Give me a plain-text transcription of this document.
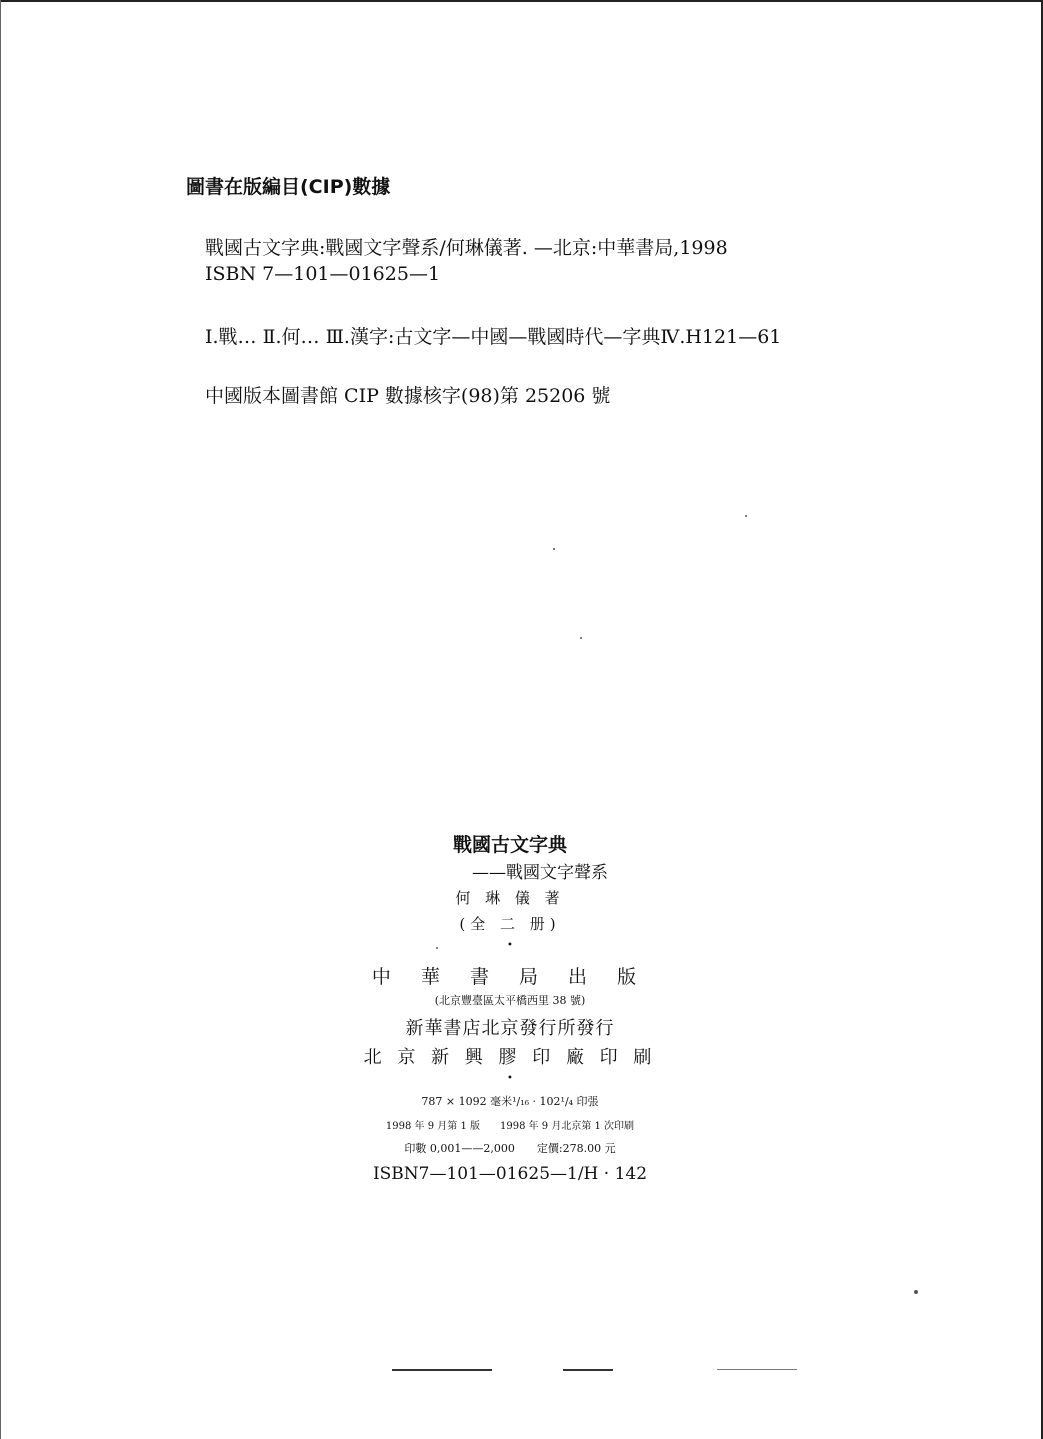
圖書在版編目(CIP)數據
戰國古文字典:戰國文字聲系/何琳儀著. —北京:中華書局,1998
ISBN 7—101—01625—1
Ⅰ.戰… Ⅱ.何… Ⅲ.漢字:古文字—中國—戰國時代—字典Ⅳ.H121—61
中國版本圖書館 CIP 數據核字(98)第 25206 號
戰國古文字典
——戰國文字聲系
何 琳 儀 著
(全 二 册)
•
中 華 書 局 出 版
(北京豐臺區太平橋西里 38 號)
新華書店北京發行所發行
北 京 新 興 膠 印 廠 印 刷
•
787 × 1092 毫米¹/₁₆ · 102¹/₄ 印張
1998 年 9 月第 1 版　　1998 年 9 月北京第 1 次印刷
印數 0,001——2,000　　定價:278.00 元
ISBN7—101—01625—1/H · 142
